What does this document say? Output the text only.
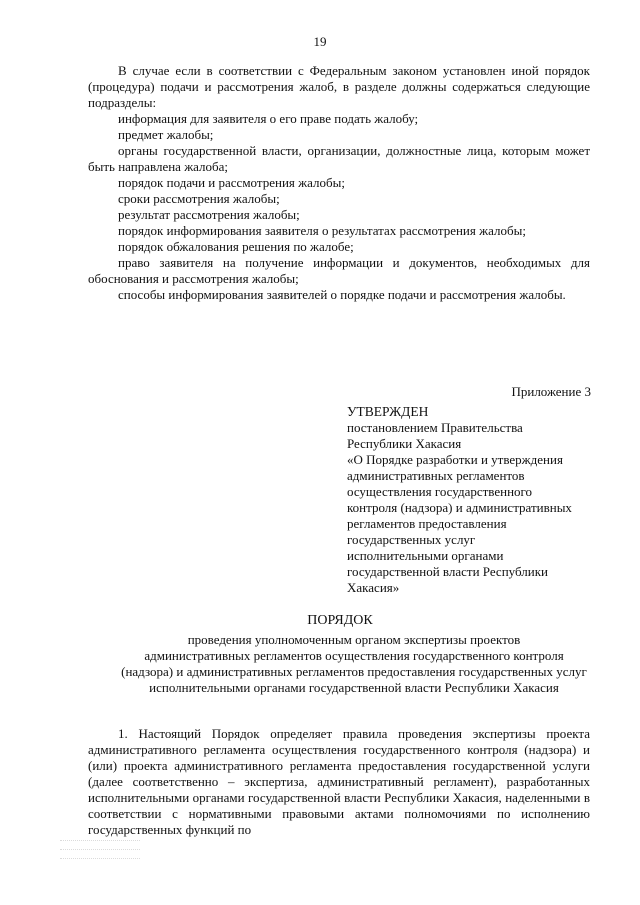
19

В случае если в соответствии с Федеральным законом установлен иной порядок (процедура) подачи и рассмотрения жалоб, в разделе должны содержаться следующие подразделы:

информация для заявителя о его праве подать жалобу;

предмет жалобы;

органы государственной власти, организации, должностные лица, которым может быть направлена жалоба;

порядок подачи и рассмотрения жалобы;

сроки рассмотрения жалобы;

результат рассмотрения жалобы;

порядок информирования заявителя о результатах рассмотрения жалобы;

порядок обжалования решения по жалобе;

право заявителя на получение информации и документов, необходимых для обоснования и рассмотрения жалобы;

способы информирования заявителей о порядке подачи и рассмотрения жалобы.

Приложение 3

УТВЕРЖДЕН

постановлением Правительства

Республики Хакасия

«О Порядке разработки и утверждения

административных регламентов

осуществления государственного

контроля (надзора) и административных

регламентов предоставления

государственных услуг

исполнительными органами

государственной власти Республики

Хакасия»

ПОРЯДОК
проведения уполномоченным органом экспертизы проектов
административных регламентов осуществления государственного контроля
(надзора) и административных регламентов предоставления государственных услуг
исполнительными органами государственной власти Республики Хакасия

1. Настоящий Порядок определяет правила проведения экспертизы проекта административного регламента осуществления государственного контроля (надзора) и (или) проекта административного регламента предоставления государственной услуги (далее соответственно – экспертиза, административный регламент), разработанных исполнительными органами государственной власти Республики Хакасия, наделенными в соответствии с нормативными правовыми актами полномочиями по исполнению государственных функций по
